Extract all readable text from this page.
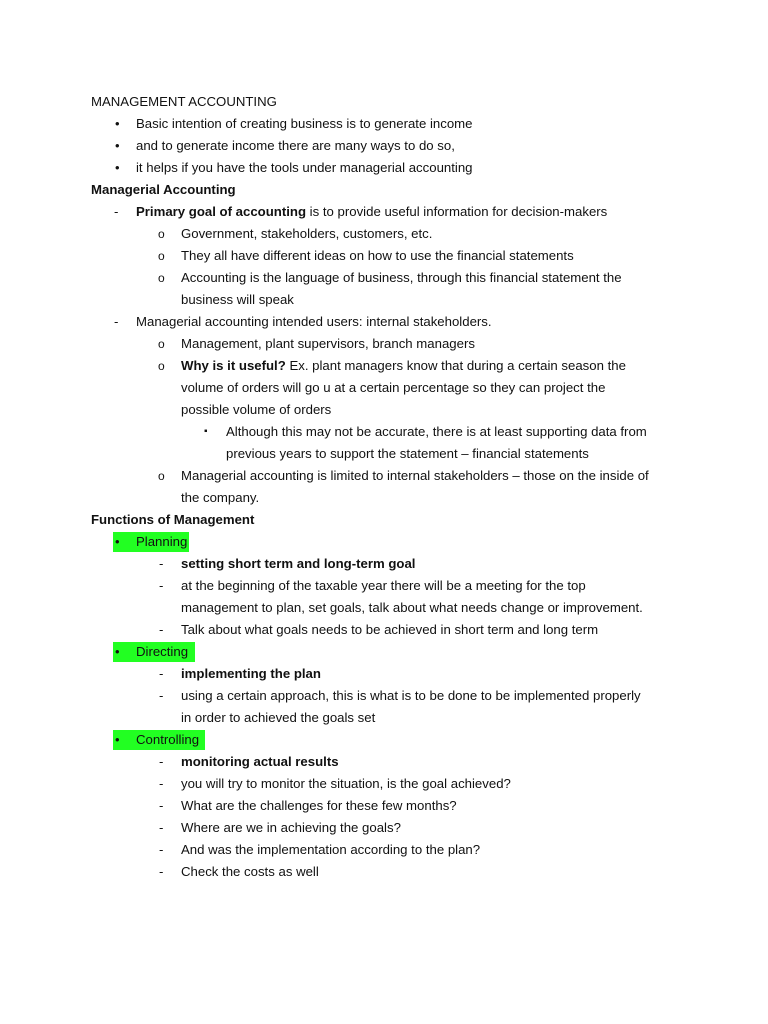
MANAGEMENT ACCOUNTING
• Basic intention of creating business is to generate income
• and to generate income there are many ways to do so,
• it helps if you have the tools under managerial accounting
Managerial Accounting
- Primary goal of accounting is to provide useful information for decision-makers
o Government, stakeholders, customers, etc.
o They all have different ideas on how to use the financial statements
o Accounting is the language of business, through this financial statement the
business will speak
- Managerial accounting intended users: internal stakeholders.
o Management, plant supervisors, branch managers
o Why is it useful? Ex. plant managers know that during a certain season the
volume of orders will go u at a certain percentage so they can project the
possible volume of orders
▪ Although this may not be accurate, there is at least supporting data from
previous years to support the statement – financial statements
o Managerial accounting is limited to internal stakeholders – those on the inside of
the company.
Functions of Management
• Planning
- setting short term and long-term goal
- at the beginning of the taxable year there will be a meeting for the top
management to plan, set goals, talk about what needs change or improvement.
- Talk about what goals needs to be achieved in short term and long term
• Directing
- implementing the plan
- using a certain approach, this is what is to be done to be implemented properly
in order to achieved the goals set
• Controlling
- monitoring actual results
- you will try to monitor the situation, is the goal achieved?
- What are the challenges for these few months?
- Where are we in achieving the goals?
- And was the implementation according to the plan?
- Check the costs as well
